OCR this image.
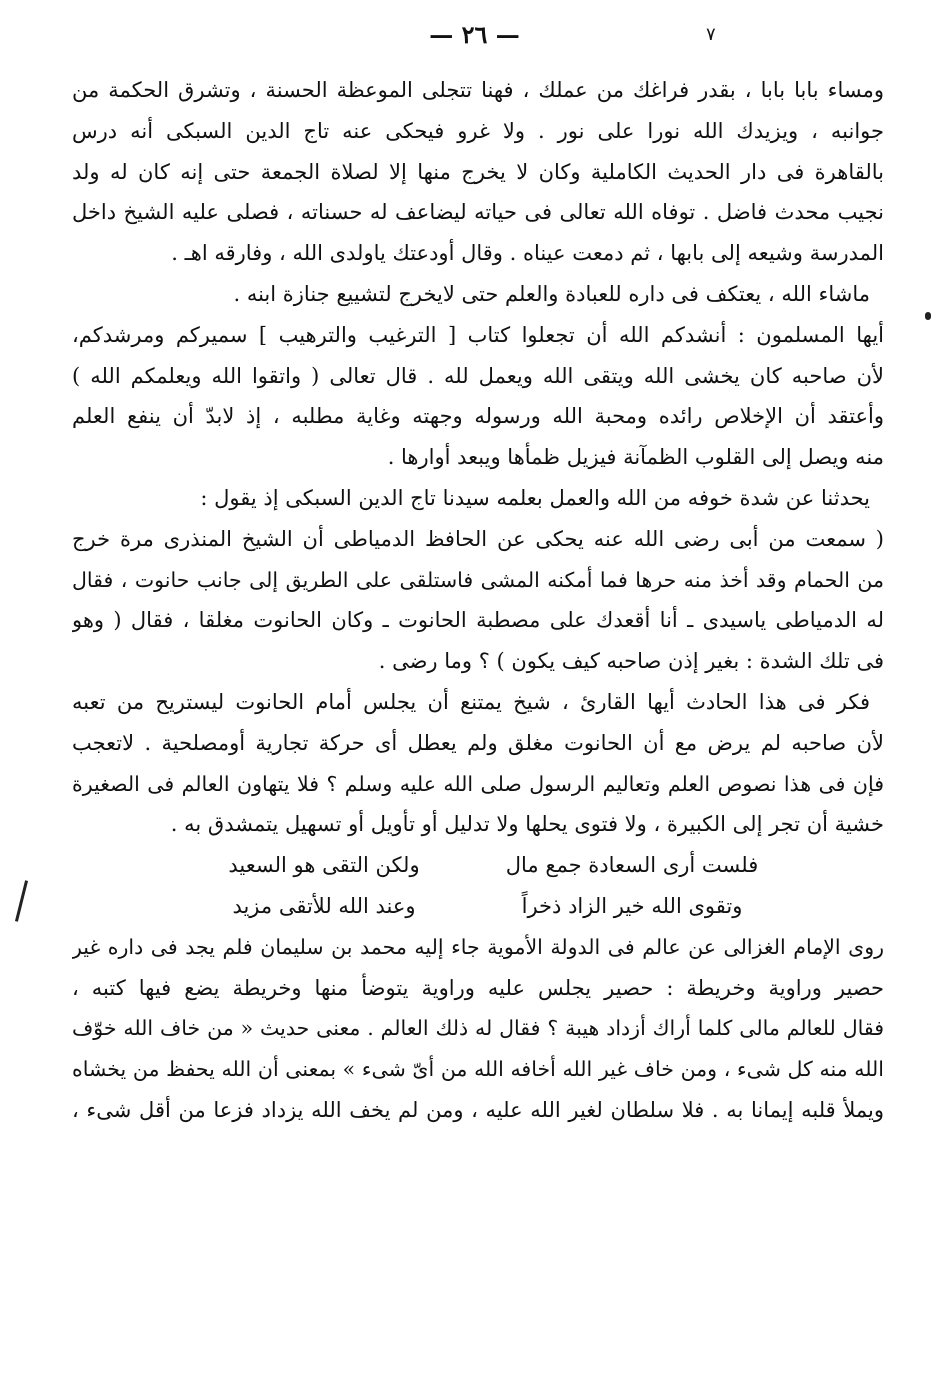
— ٢٦ —	٧
ومساء بابا بابا ، بقدر فراغك من عملك ، فهنا تتجلى الموعظة الحسنة ، وتشرق الحكمة من
جوانبه ، ويزيدك الله نورا على نور . ولا غرو فيحكى عنه تاج الدين السبكى أنه درس
بالقاهرة فى دار الحديث الكاملية وكان لا يخرج منها إلا لصلاة الجمعة حتى إنه كان له ولد
نجيب محدث فاضل . توفاه الله تعالى فى حياته ليضاعف له حسناته ، فصلى عليه الشيخ داخل
المدرسة وشيعه إلى بابها ، ثم دمعت عيناه . وقال أودعتك ياولدى الله ، وفارقه اهـ .
ماشاء الله ، يعتكف فى داره للعبادة والعلم حتى لايخرج لتشييع جنازة ابنه .
أيها المسلمون : أنشدكم الله أن تجعلوا كتاب [ الترغيب والترهيب ] سميركم ومرشدكم،
لأن صاحبه كان يخشى الله ويتقى الله ويعمل لله . قال تعالى ( واتقوا الله ويعلمكم الله )
وأعتقد أن الإخلاص رائده ومحبة الله ورسوله وجهته وغاية مطلبه ، إذ لابدّ أن ينفع العلم
منه ويصل إلى القلوب الظمآنة فيزيل ظمأها ويبعد أوارها .
يحدثنا عن شدة خوفه من الله والعمل بعلمه سيدنا تاج الدين السبكى إذ يقول :
( سمعت من أبى رضى الله عنه يحكى عن الحافظ الدمياطى أن الشيخ المنذرى مرة خرج
من الحمام وقد أخذ منه حرها فما أمكنه المشى فاستلقى على الطريق إلى جانب حانوت ، فقال
له الدمياطى ياسيدى ـ أنا أقعدك على مصطبة الحانوت ـ وكان الحانوت مغلقا ، فقال ( وهو
فى تلك الشدة : بغير إذن صاحبه كيف يكون ) ؟ وما رضى .
فكر فى هذا الحادث أيها القارئ ، شيخ يمتنع أن يجلس أمام الحانوت ليستريح من تعبه
لأن صاحبه لم يرض مع أن الحانوت مغلق ولم يعطل أى حركة تجارية أومصلحية . لاتعجب
فإن فى هذا نصوص العلم وتعاليم الرسول صلى الله عليه وسلم ؟ فلا يتهاون العالم فى الصغيرة
خشية أن تجر إلى الكبيرة ، ولا فتوى يحلها ولا تدليل أو تأويل أو تسهيل يتمشدق به .
فلست أرى السعادة جمع مال
ولكن التقى هو السعيد
وتقوى الله خير الزاد ذخراً
وعند الله للأتقى مزيد
روى الإمام الغزالى عن عالم فى الدولة الأموية جاء إليه محمد بن سليمان فلم يجد فى داره غير
حصير وراوية وخريطة : حصير يجلس عليه وراوية يتوضأ منها وخريطة يضع فيها كتبه ،
فقال للعالم مالى كلما أراك أزداد هيبة ؟ فقال له ذلك العالم . معنى حديث « من خاف الله خوّف
الله منه كل شىء ، ومن خاف غير الله أخافه الله من أىّ شىء » بمعنى أن الله يحفظ من يخشاه
ويملأ قلبه إيمانا به . فلا سلطان لغير الله عليه ، ومن لم يخف الله يزداد فزعا من أقل شىء ،
